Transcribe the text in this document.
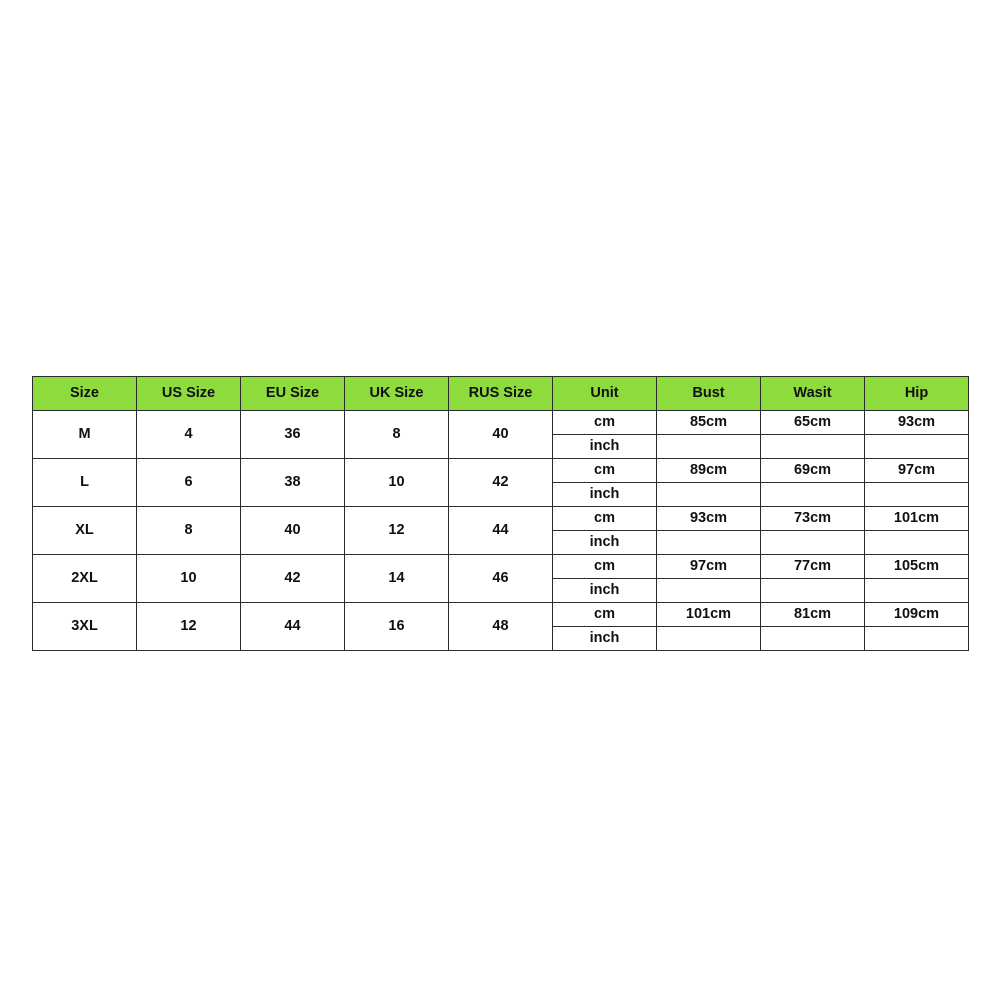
Size	US Size	EU Size	UK Size	RUS Size	Unit	Bust	Wasit	Hip
M	4	36	8	40	cm	85cm	65cm	93cm
					inch			
L	6	38	10	42	cm	89cm	69cm	97cm
					inch			
XL	8	40	12	44	cm	93cm	73cm	101cm
					inch			
2XL	10	42	14	46	cm	97cm	77cm	105cm
					inch			
3XL	12	44	16	48	cm	101cm	81cm	109cm
					inch			
